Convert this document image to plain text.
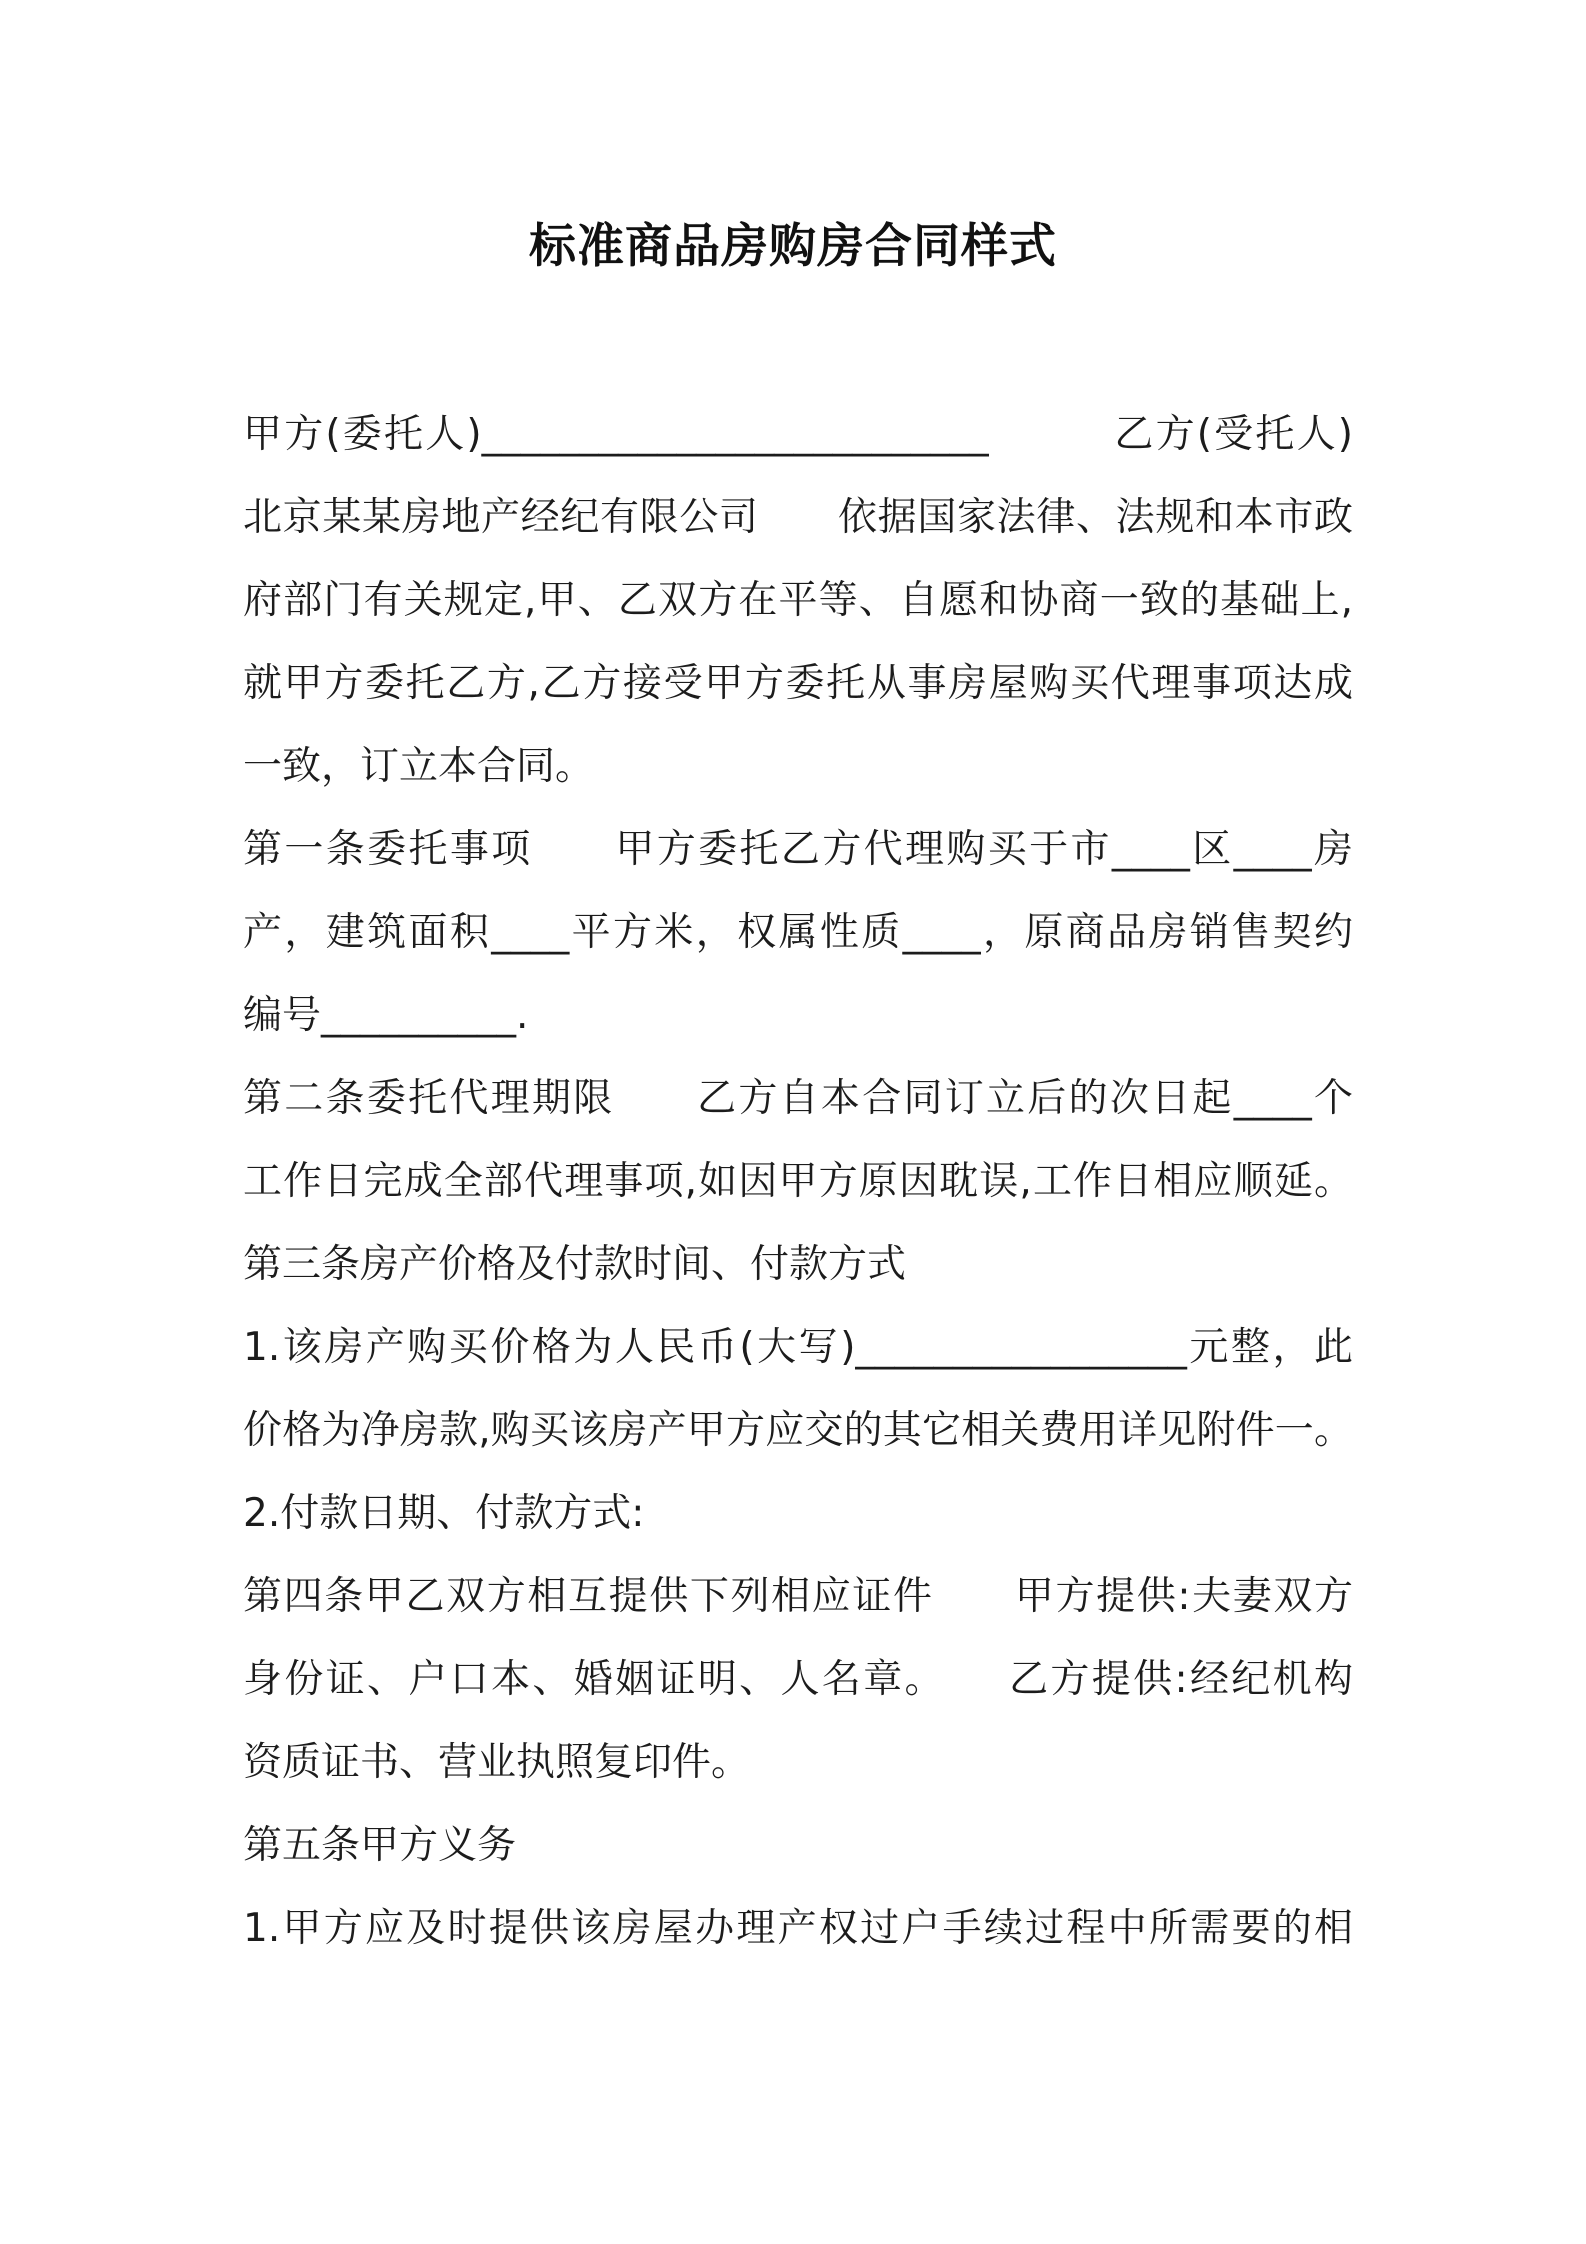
标准商品房购房合同样式
甲方(委托人)__________________________　　　乙方(受托人)
北京某某房地产经纪有限公司　　依据国家法律、法规和本市政
府部门有关规定,甲、乙双方在平等、自愿和协商一致的基础上,
就甲方委托乙方,乙方接受甲方委托从事房屋购买代理事项达成
一致，订立本合同。
第一条委托事项　　甲方委托乙方代理购买于市____区____房
产，建筑面积____平方米，权属性质____，原商品房销售契约
编号__________.
第二条委托代理期限　　乙方自本合同订立后的次日起____个
工作日完成全部代理事项,如因甲方原因耽误,工作日相应顺延。
第三条房产价格及付款时间、付款方式
1.该房产购买价格为人民币(大写)_________________元整，此
价格为净房款,购买该房产甲方应交的其它相关费用详见附件一。
2.付款日期、付款方式:
第四条甲乙双方相互提供下列相应证件　　甲方提供:夫妻双方
身份证、户口本、婚姻证明、人名章。　　乙方提供:经纪机构
资质证书、营业执照复印件。
第五条甲方义务
1.甲方应及时提供该房屋办理产权过户手续过程中所需要的相
